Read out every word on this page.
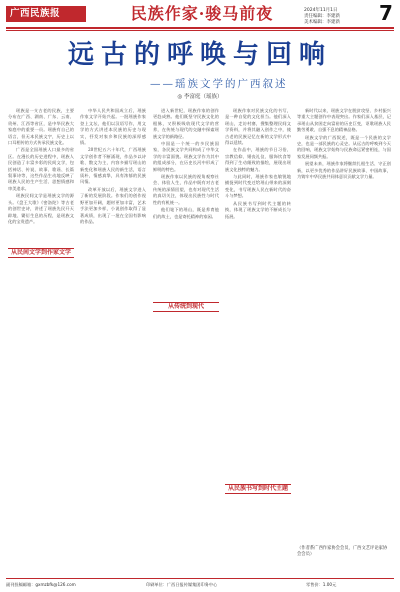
广西民族报	民族作家·骏马前夜	2024年11月1日
责任编辑：李建新
美术编辑：李建新	7
远古的呼唤与回响
——瑶族文学的广西叙述
◎ 李富庭（瑶族）

瑶族是一支古老的民族，主要分布在广西、湖南、广东、云南、贵州、江西等省区，是中华民族大家庭中的重要一员。瑶族有自己的语言，但无本民族文字，历史上以口耳相传的方式传承民族文化。

广西是全国瑶族人口最多的省区。在漫长的历史进程中，瑶族人民创造了丰富多彩的民间文学，包括神话、传说、故事、歌谣、长篇叙事诗等，这些作品生动地反映了瑶族人民的生产生活、思想情感和审美追求。

瑶族民间文学是瑶族文学的源头。《盘王大歌》《密洛陀》等古老的创世史诗，讲述了瑶族先民开天辟地、繁衍生息的历程，是瑶族文化的宝贵遗产。

中华人民共和国成立后，瑶族作家文学开始兴起。一批瑶族作家登上文坛，他们以汉语写作，用文学的方式讲述本民族的历史与现实，抒发对家乡和民族的深厚感情。

20世纪五六十年代，广西瑶族文学创作者不断涌现，作品多以诗歌、散文为主，内容多描写瑶山的新变化和瑶族人民的新生活，语言质朴，情感真挚，具有浓郁的民族风情。

改革开放以后，瑶族文学进入了新的发展阶段。作家们的创作视野更加开阔，题材更加丰富，艺术手法更加多样，小说创作取得了显著成绩，出现了一批在全国有影响的作品。

进入新世纪，瑶族作家的创作更趋成熟。他们既坚守民族文化的根脉，又积极吸收现代文学的营养，在传统与现代的交融中探索瑶族文学的新路径。

中国是一个统一的多民族国家，各民族文学共同构成了中华文学的丰富面貌。瑶族文学作为其中的组成部分，在历史长河中形成了鲜明的特色。

瑶族作家以民族的视角观察社会、体验人生，作品中既有对古老传统的深情回望，也有对现代生活的真切关注，体现出民族性与时代性的有机统一。

他们笔下的瑶山，既是养育他们的故土，也是寄托精神的家园。

瑶族作家对民族文化的书写，是一种自觉的文化担当。他们深入瑶山，走访村寨，搜集整理民间文学资料，并将其融入创作之中，使古老的民族记忆在新的文学形式中得以延续。

在作品中，瑶族的节日习俗、宗教信仰、婚丧礼仪、服饰饮食等得到了生动细致的描绘，展现出瑶族文化独特的魅力。

与此同时，瑶族作家也敏锐地捕捉到时代变迁给瑶山带来的深刻变化，书写瑶族人民在新时代的奋斗与梦想。

从民族书写到时代主题的转换，体现了瑶族文学的不断成长与拓展。

新时代以来，瑶族文学在脱贫攻坚、乡村振兴等重大主题创作中表现突出。作家们深入基层，记录瑶山从贫困走向富裕的历史巨变，讴歌瑶族人民勤劳勇敢、自强不息的精神品格。

瑶族文学的广西叙述，既是一个民族的文学史，也是一部民族的心灵史。从远古的呼唤到今天的回响，瑶族文学始终与民族命运紧密相连，与国家发展同频共振。

展望未来，瑶族作家将继续扎根生活、守正创新，以更多优秀的作品讲好民族故事、中国故事，为铸牢中华民族共同体意识贡献文学力量。

从民间文学到作家文学
从传统到现代
从民族书写到时代主题
（作者系广西作家协会会员，广西文艺评论家协会会员）
副刊投稿邮箱：gxmzbfk@126.com	印刷单位：广西日报传媒集团印务中心	零售价：1.00元
